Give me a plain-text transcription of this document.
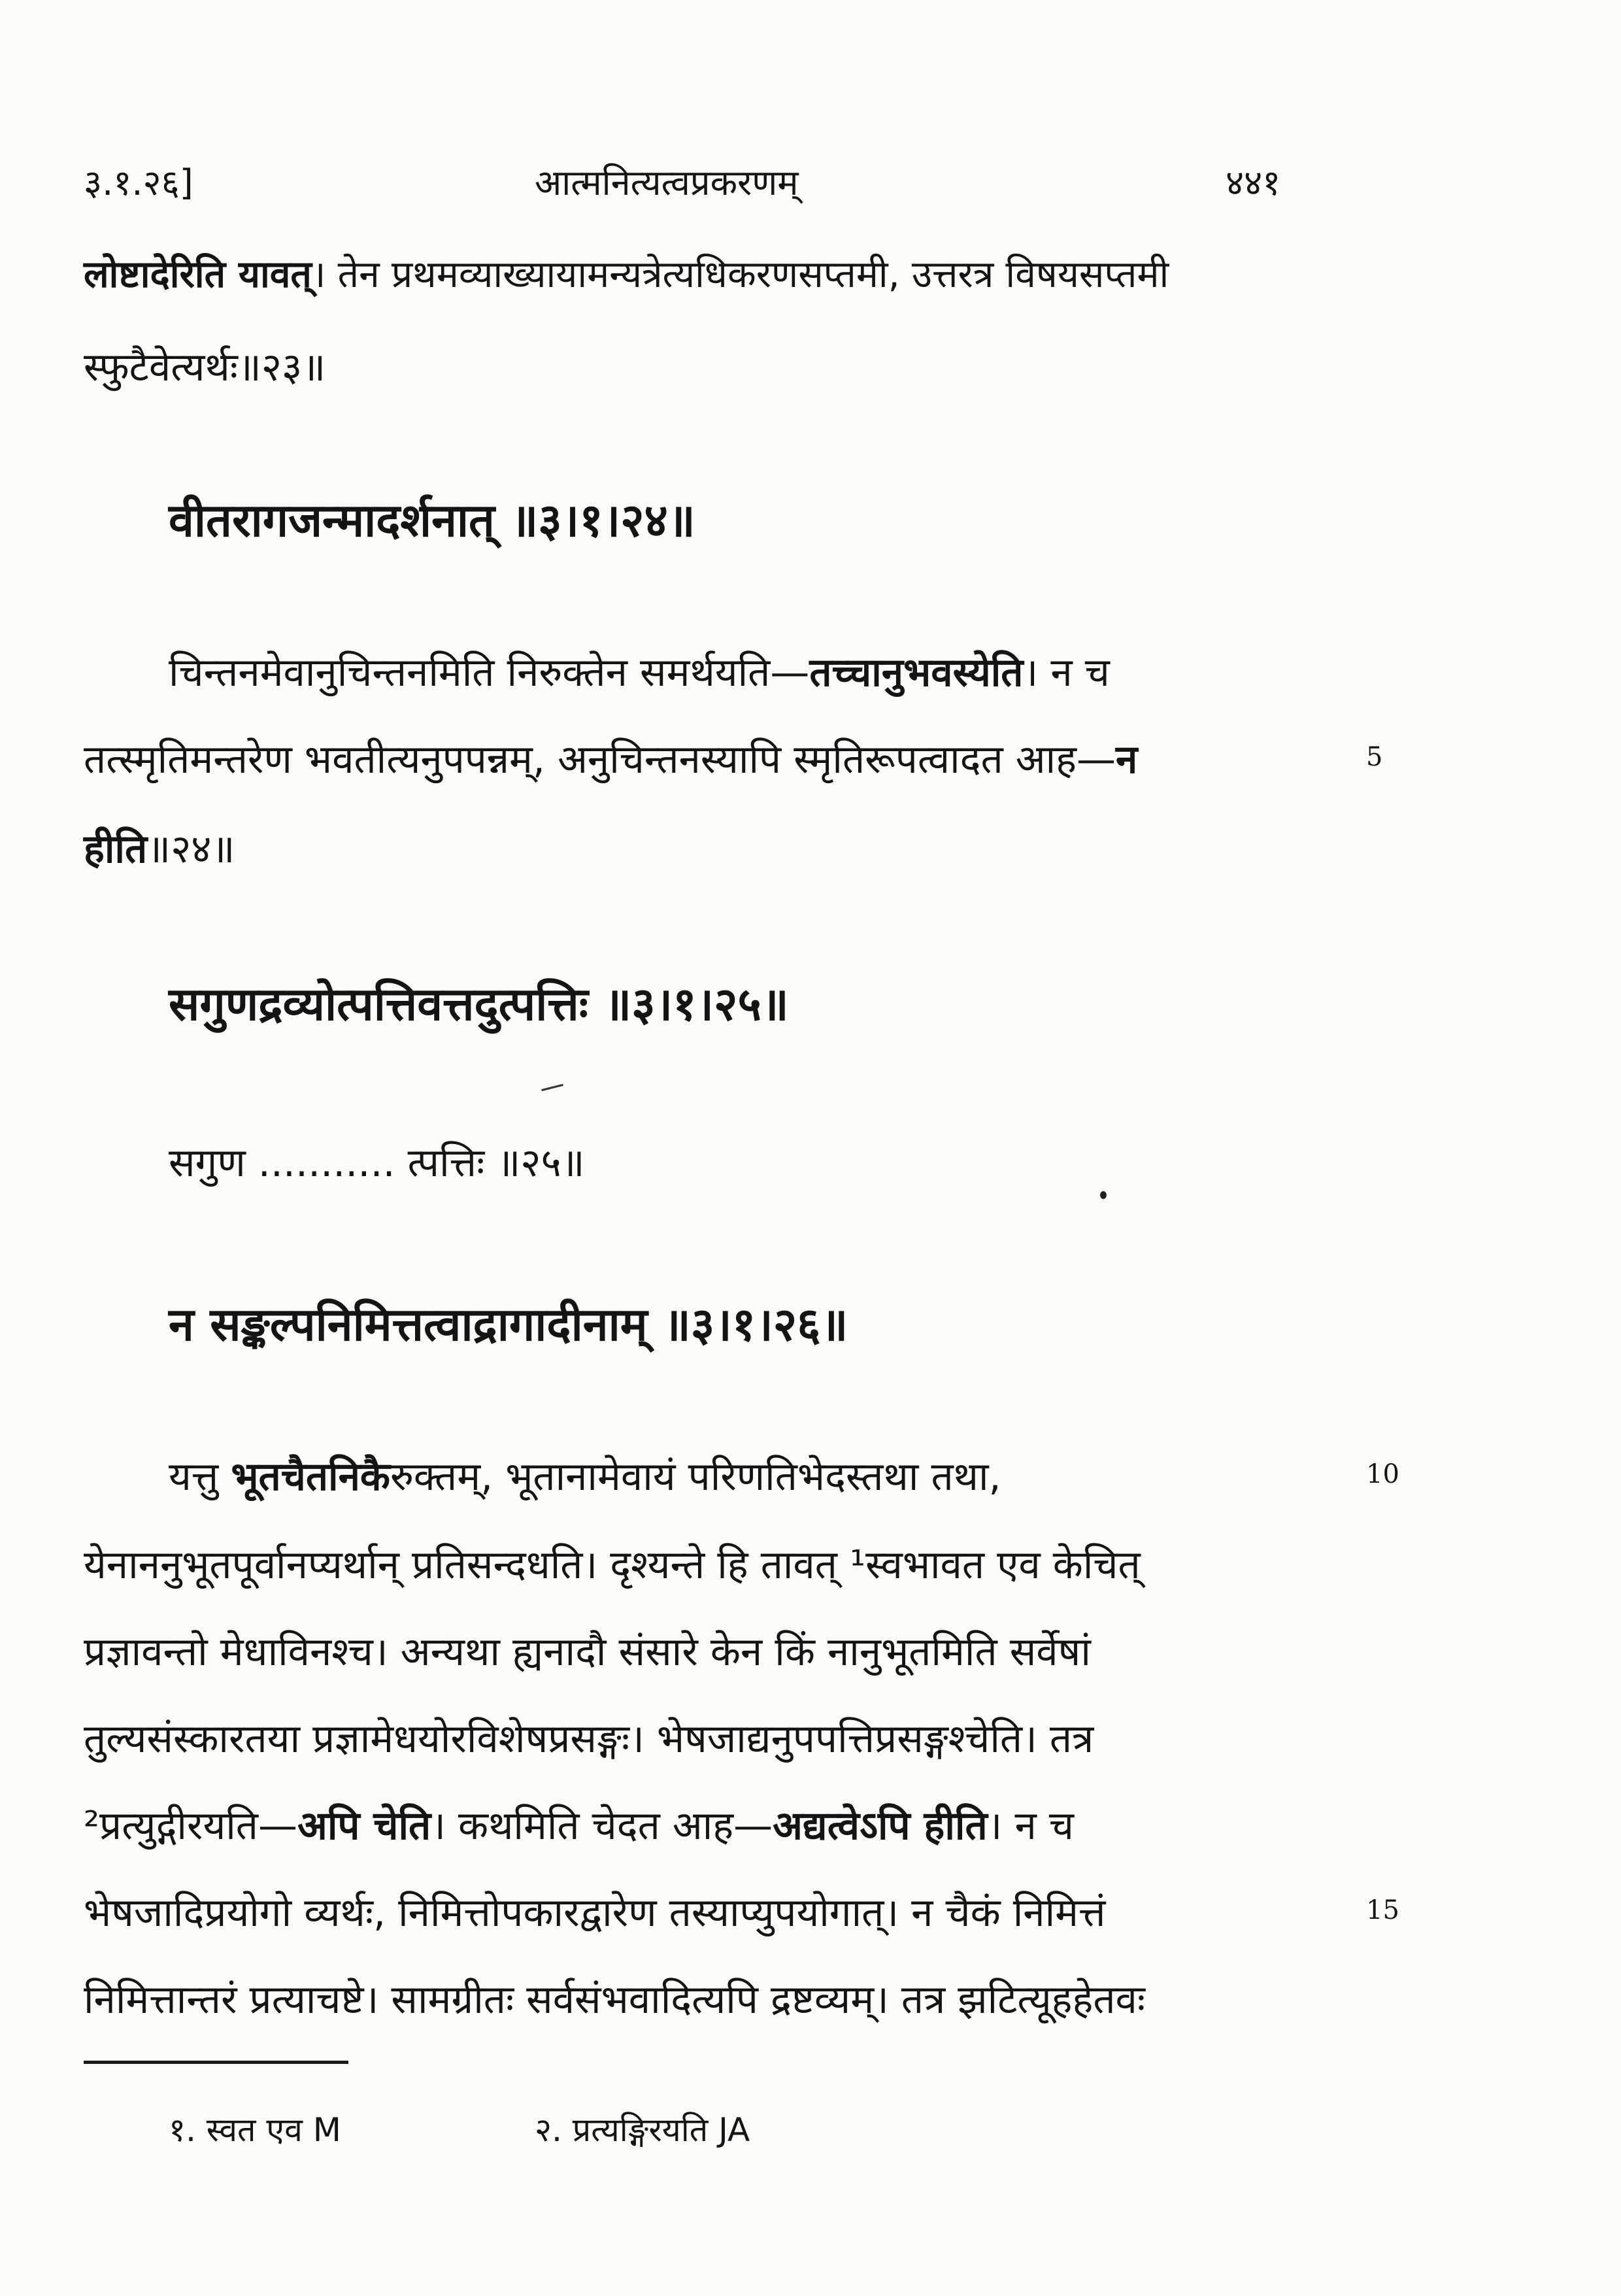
३.१.२६]	आत्मनित्यत्वप्रकरणम्	४४१
लोष्टादेरिति यावत्। तेन प्रथमव्याख्यायामन्यत्रेत्यधिकरणसप्तमी, उत्तरत्र विषयसप्तमी
स्फुटैवेत्यर्थः॥२३॥
वीतरागजन्मादर्शनात् ॥३।१।२४॥
चिन्तनमेवानुचिन्तनमिति निरुक्तेन समर्थयति—तच्चानुभवस्येति। न च
तत्स्मृतिमन्तरेण भवतीत्यनुपपन्नम्, अनुचिन्तनस्यापि स्मृतिरूपत्वादत आह—न	5
हीति॥२४॥
सगुणद्रव्योत्पत्तिवत्तदुत्पत्तिः ॥३।१।२५॥
सगुण ........... त्पत्तिः ॥२५॥
न सङ्कल्पनिमित्तत्वाद्रागादीनाम् ॥३।१।२६॥
यत्तु भूतचैतनिकैरुक्तम्, भूतानामेवायं परिणतिभेदस्तथा तथा,	10
येनाननुभूतपूर्वानप्यर्थान् प्रतिसन्दधति। दृश्यन्ते हि तावत् ¹स्वभावत एव केचित्
प्रज्ञावन्तो मेधाविनश्च। अन्यथा ह्यनादौ संसारे केन किं नानुभूतमिति सर्वेषां
तुल्यसंस्कारतया प्रज्ञामेधयोरविशेषप्रसङ्गः। भेषजाद्यनुपपत्तिप्रसङ्गश्चेति। तत्र
²प्रत्युद्गीरयति—अपि चेति। कथमिति चेदत आह—अद्यत्वेऽपि हीति। न च
भेषजादिप्रयोगो व्यर्थः, निमित्तोपकारद्वारेण तस्याप्युपयोगात्। न चैकं निमित्तं	15
निमित्तान्तरं प्रत्याचष्टे। सामग्रीतः सर्वसंभवादित्यपि द्रष्टव्यम्। तत्र झटित्यूहहेतवः
१. स्वत एव M	२. प्रत्यङ्गिरयति JA
